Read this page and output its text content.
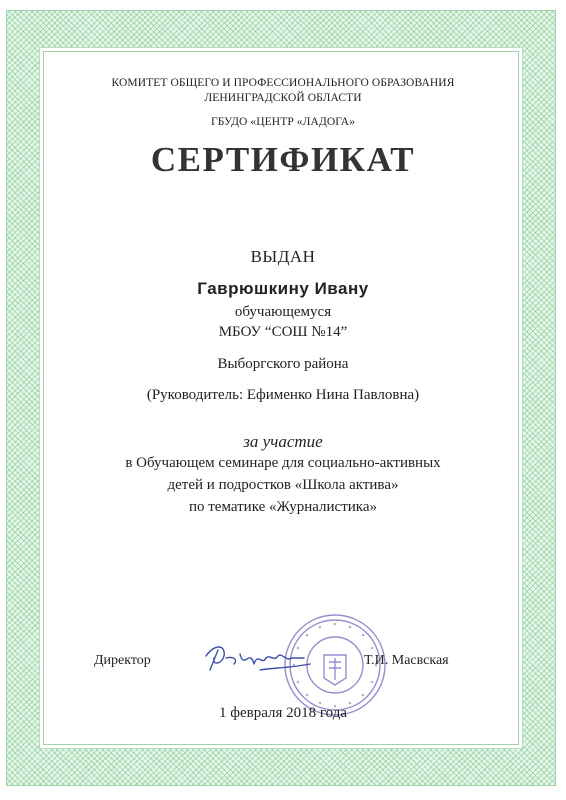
КОМИТЕТ ОБЩЕГО И ПРОФЕССИОНАЛЬНОГО ОБРАЗОВАНИЯ
ЛЕНИНГРАДСКОЙ ОБЛАСТИ
ГБУДО «ЦЕНТР «ЛАДОГА»
СЕРТИФИКАТ
ВЫДАН
Гаврюшкину Ивану
обучающемуся
МБОУ “СОШ №14”
Выборгского района
(Руководитель: Ефименко Нина Павловна)
за участие
в Обучающем семинаре для социально-активных
детей и подростков «Школа актива»
по тематике «Журналистика»
Директор	Т.И. Масвская
1 февраля 2018 года
